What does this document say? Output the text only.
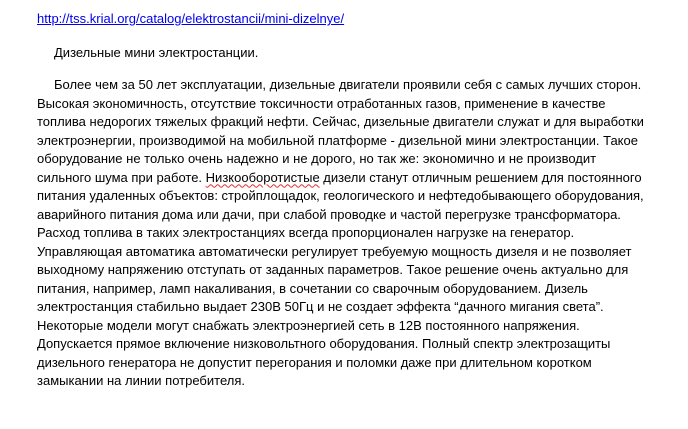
http://tss.krial.org/catalog/elektrostancii/mini-dizelnye/
Дизельные мини электростанции.
Более чем за 50 лет эксплуатации, дизельные двигатели проявили себя с самых лучших сторон.
Высокая экономичность, отсутствие токсичности отработанных газов, применение в качестве
топлива недорогих тяжелых фракций нефти. Сейчас, дизельные двигатели служат и для выработки
электроэнергии, производимой на мобильной платформе - дизельной мини электростанции. Такое
оборудование не только очень надежно и не дорого, но так же: экономично и не производит
сильного шума при работе. Низкооборотистые дизели станут отличным решением для постоянного
питания удаленных объектов: стройплощадок, геологического и нефтедобывающего оборудования,
аварийного питания дома или дачи, при слабой проводке и частой перегрузке трансформатора.
Расход топлива в таких электростанциях всегда пропорционален нагрузке на генератор.
Управляющая автоматика автоматически регулирует требуемую мощность дизеля и не позволяет
выходному напряжению отступать от заданных параметров. Такое решение очень актуально для
питания, например, ламп накаливания, в сочетании со сварочным оборудованием. Дизель
электростанция стабильно выдает 230В 50Гц и не создает эффекта “дачного мигания света”.
Некоторые модели могут снабжать электроэнергией сеть в 12В постоянного напряжения.
Допускается прямое включение низковольтного оборудования. Полный спектр электрозащиты
дизельного генератора не допустит перегорания и поломки даже при длительном коротком
замыкании на линии потребителя.
